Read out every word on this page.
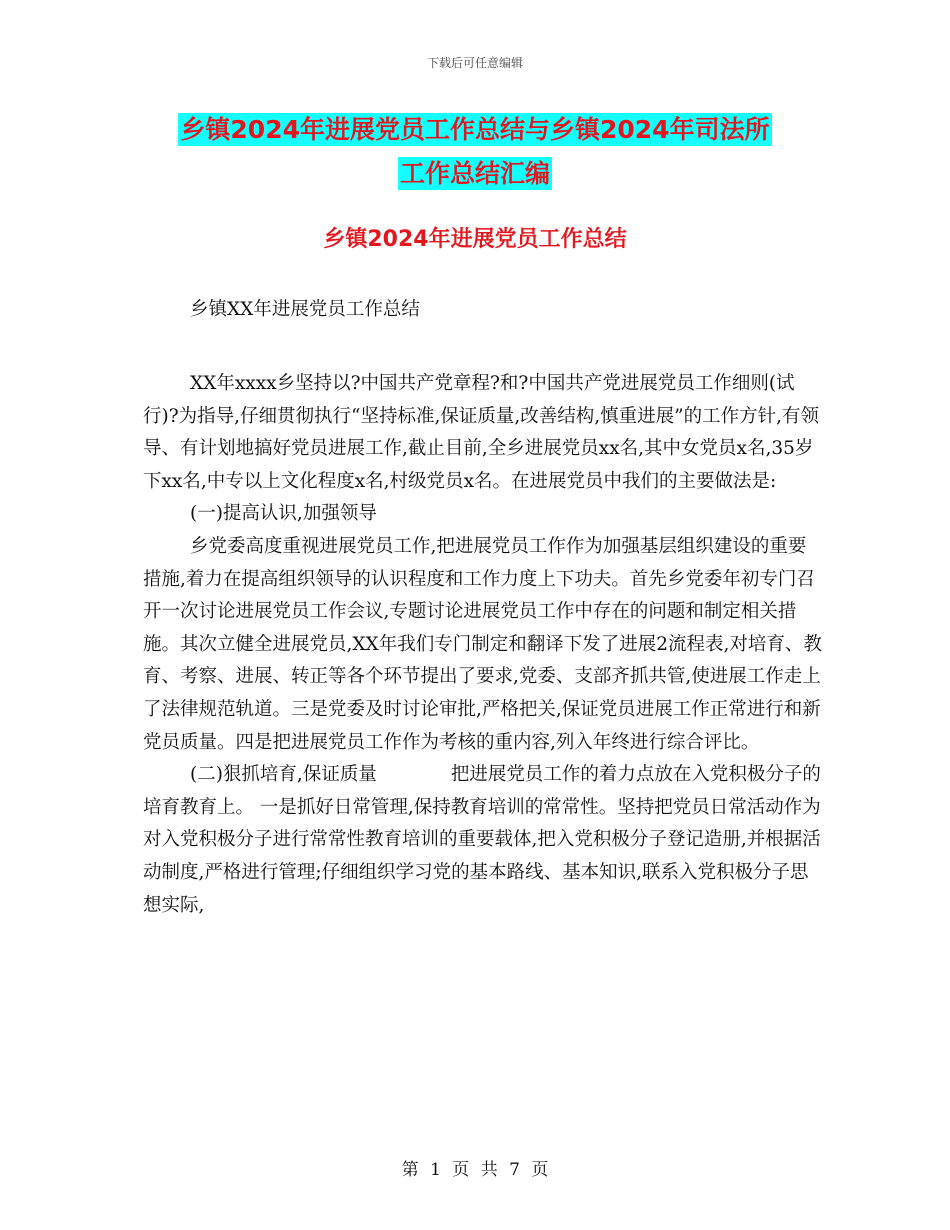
下载后可任意编辑
乡镇2024年进展党员工作总结与乡镇2024年司法所
工作总结汇编
乡镇2024年进展党员工作总结
乡镇XX年进展党员工作总结

XX年xxxx乡坚持以?中国共产党章程?和?中国共产党进展党员工作细则(试行)?为指导,仔细贯彻执行“坚持标准,保证质量,改善结构,慎重进展”的工作方针,有领导、有计划地搞好党员进展工作,截止目前,全乡进展党员xx名,其中女党员x名,35岁下xx名,中专以上文化程度x名,村级党员x名。在进展党员中我们的主要做法是:

(一)提高认识,加强领导

乡党委高度重视进展党员工作,把进展党员工作作为加强基层组织建设的重要措施,着力在提高组织领导的认识程度和工作力度上下功夫。首先乡党委年初专门召开一次讨论进展党员工作会议,专题讨论进展党员工作中存在的问题和制定相关措施。其次立健全进展党员,XX年我们专门制定和翻译下发了进展2流程表,对培育、教育、考察、进展、转正等各个环节提出了要求,党委、支部齐抓共管,使进展工作走上了法律规范轨道。三是党委及时讨论审批,严格把关,保证党员进展工作正常进行和新党员质量。四是把进展党员工作作为考核的重内容,列入年终进行综合评比。

(二)狠抓培育,保证质量　　　　把进展党员工作的着力点放在入党积极分子的培育教育上。 一是抓好日常管理,保持教育培训的常常性。坚持把党员日常活动作为对入党积极分子进行常常性教育培训的重要载体,把入党积极分子登记造册,并根据活动制度,严格进行管理;仔细组织学习党的基本路线、基本知识,联系入党积极分子思想实际,

第 1 页 共 7 页
